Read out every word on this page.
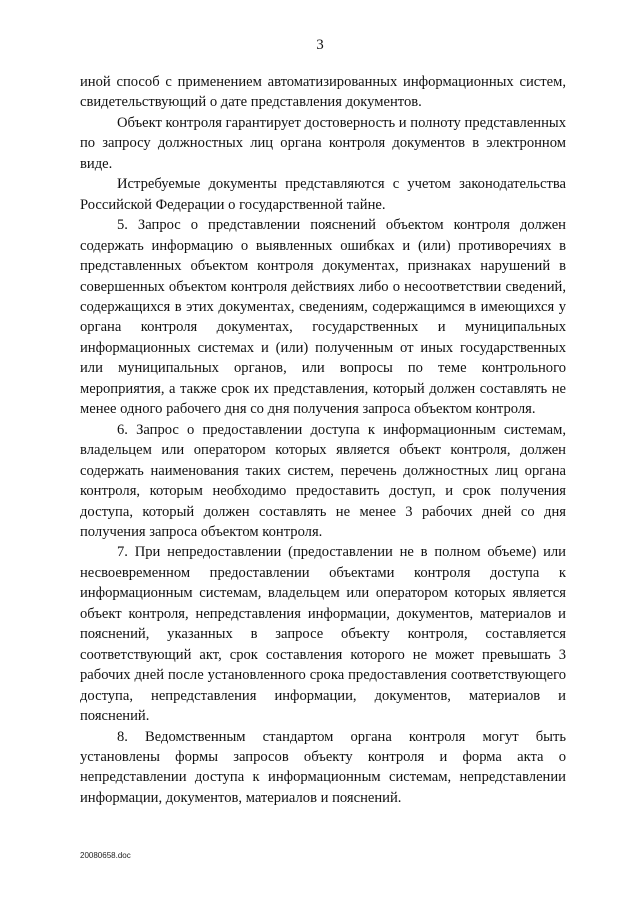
3

иной способ с применением автоматизированных информационных систем, свидетельствующий о дате представления документов.

Объект контроля гарантирует достоверность и полноту представленных по запросу должностных лиц органа контроля документов в электронном виде.

Истребуемые документы представляются с учетом законодательства Российской Федерации о государственной тайне.

5. Запрос о представлении пояснений объектом контроля должен содержать информацию о выявленных ошибках и (или) противоречиях в представленных объектом контроля документах, признаках нарушений в совершенных объектом контроля действиях либо о несоответствии сведений, содержащихся в этих документах, сведениям, содержащимся в имеющихся у органа контроля документах, государственных и муниципальных информационных системах и (или) полученным от иных государственных или муниципальных органов, или вопросы по теме контрольного мероприятия, а также срок их представления, который должен составлять не менее одного рабочего дня со дня получения запроса объектом контроля.

6. Запрос о предоставлении доступа к информационным системам, владельцем или оператором которых является объект контроля, должен содержать наименования таких систем, перечень должностных лиц органа контроля, которым необходимо предоставить доступ, и срок получения доступа, который должен составлять не менее 3 рабочих дней со дня получения запроса объектом контроля.

7. При непредоставлении (предоставлении не в полном объеме) или несвоевременном предоставлении объектами контроля доступа к информационным системам, владельцем или оператором которых является объект контроля, непредставления информации, документов, материалов и пояснений, указанных в запросе объекту контроля, составляется соответствующий акт, срок составления которого не может превышать 3 рабочих дней после установленного срока предоставления соответствующего доступа, непредставления информации, документов, материалов и пояснений.

8. Ведомственным стандартом органа контроля могут быть установлены формы запросов объекту контроля и форма акта о непредставлении доступа к информационным системам, непредставлении информации, документов, материалов и пояснений.

20080658.doc
